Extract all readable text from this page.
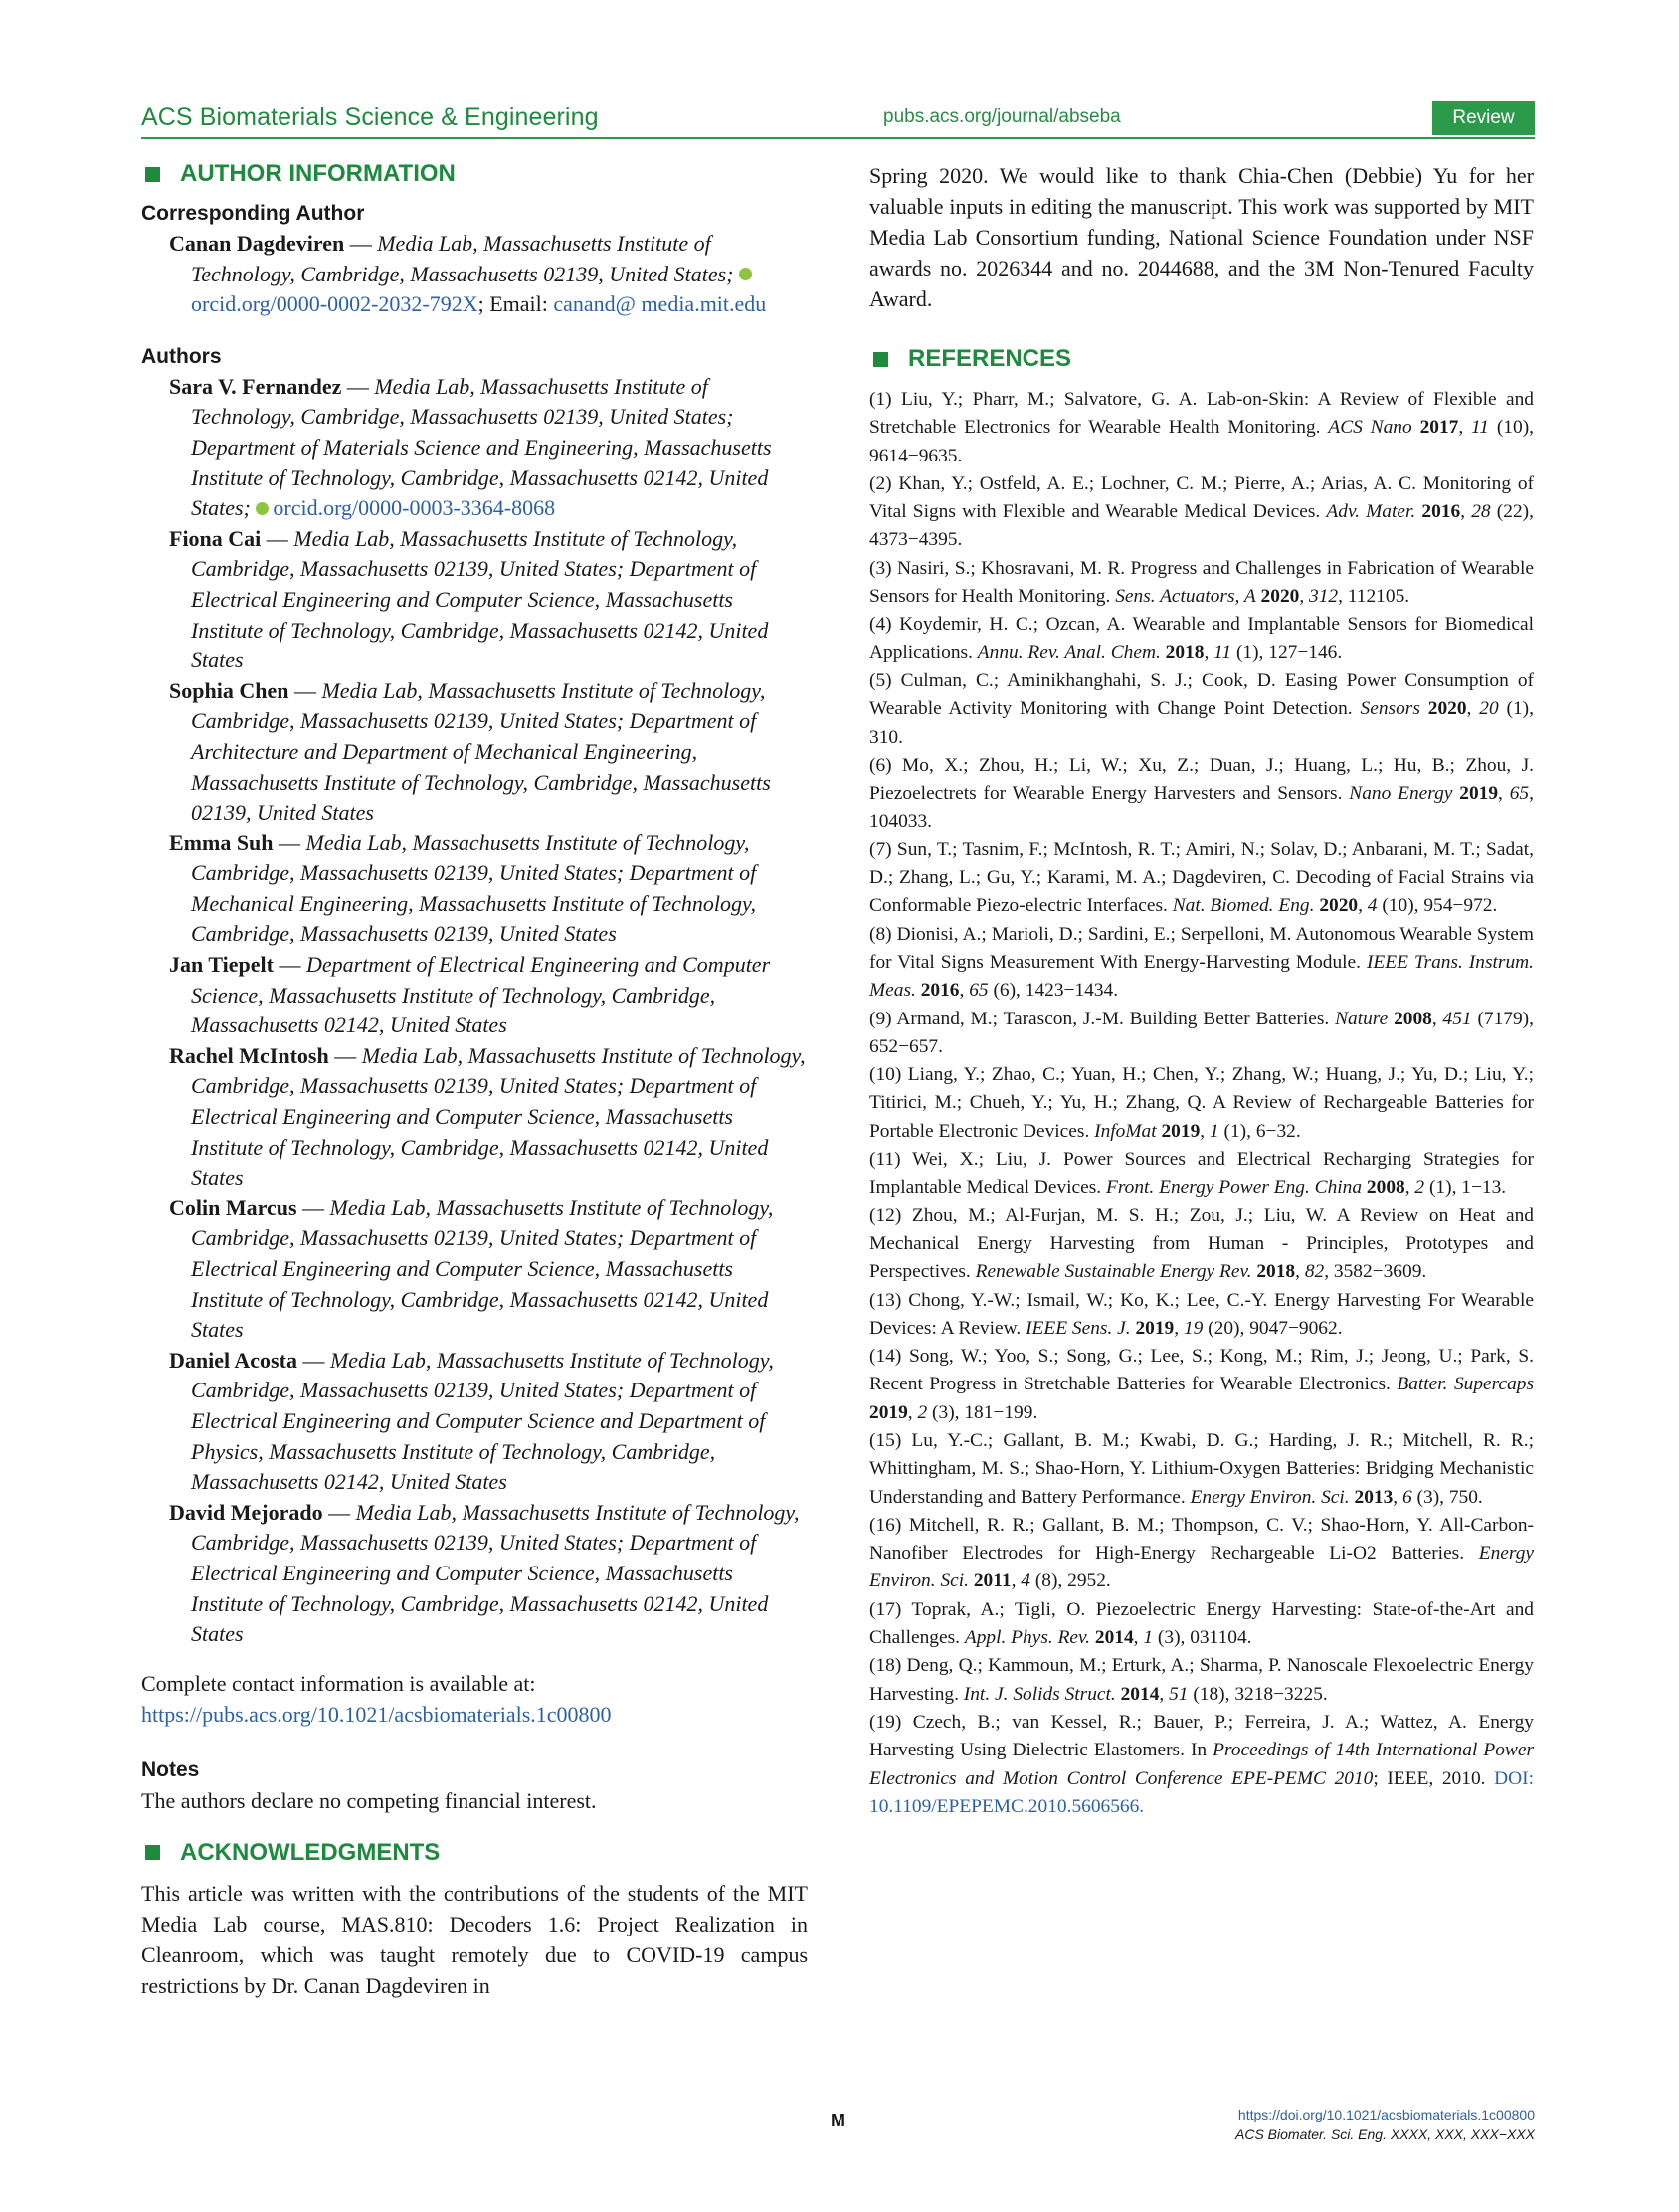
ACS Biomaterials Science & Engineering	pubs.acs.org/journal/abseba	Review
AUTHOR INFORMATION
Corresponding Author

Canan Dagdeviren — Media Lab, Massachusetts Institute of Technology, Cambridge, Massachusetts 02139, United States; orcid.org/0000-0002-2032-792X; Email: canand@ media.mit.edu

Authors

Sara V. Fernandez — Media Lab, Massachusetts Institute of Technology, Cambridge, Massachusetts 02139, United States; Department of Materials Science and Engineering, Massachusetts Institute of Technology, Cambridge, Massachusetts 02142, United States; orcid.org/0000-0003-3364-8068

Fiona Cai — Media Lab, Massachusetts Institute of Technology, Cambridge, Massachusetts 02139, United States; Department of Electrical Engineering and Computer Science, Massachusetts Institute of Technology, Cambridge, Massachusetts 02142, United States

Sophia Chen — Media Lab, Massachusetts Institute of Technology, Cambridge, Massachusetts 02139, United States; Department of Architecture and Department of Mechanical Engineering, Massachusetts Institute of Technology, Cambridge, Massachusetts 02139, United States

Emma Suh — Media Lab, Massachusetts Institute of Technology, Cambridge, Massachusetts 02139, United States; Department of Mechanical Engineering, Massachusetts Institute of Technology, Cambridge, Massachusetts 02139, United States

Jan Tiepelt — Department of Electrical Engineering and Computer Science, Massachusetts Institute of Technology, Cambridge, Massachusetts 02142, United States

Rachel McIntosh — Media Lab, Massachusetts Institute of Technology, Cambridge, Massachusetts 02139, United States; Department of Electrical Engineering and Computer Science, Massachusetts Institute of Technology, Cambridge, Massachusetts 02142, United States

Colin Marcus — Media Lab, Massachusetts Institute of Technology, Cambridge, Massachusetts 02139, United States; Department of Electrical Engineering and Computer Science, Massachusetts Institute of Technology, Cambridge, Massachusetts 02142, United States

Daniel Acosta — Media Lab, Massachusetts Institute of Technology, Cambridge, Massachusetts 02139, United States; Department of Electrical Engineering and Computer Science and Department of Physics, Massachusetts Institute of Technology, Cambridge, Massachusetts 02142, United States

David Mejorado — Media Lab, Massachusetts Institute of Technology, Cambridge, Massachusetts 02139, United States; Department of Electrical Engineering and Computer Science, Massachusetts Institute of Technology, Cambridge, Massachusetts 02142, United States

Complete contact information is available at:

https://pubs.acs.org/10.1021/acsbiomaterials.1c00800

Notes

The authors declare no competing financial interest.

ACKNOWLEDGMENTS

This article was written with the contributions of the students of the MIT Media Lab course, MAS.810: Decoders 1.6: Project Realization in Cleanroom, which was taught remotely due to COVID-19 campus restrictions by Dr. Canan Dagdeviren in

Spring 2020. We would like to thank Chia-Chen (Debbie) Yu for her valuable inputs in editing the manuscript. This work was supported by MIT Media Lab Consortium funding, National Science Foundation under NSF awards no. 2026344 and no. 2044688, and the 3M Non-Tenured Faculty Award.

REFERENCES

(1) Liu, Y.; Pharr, M.; Salvatore, G. A. Lab-on-Skin: A Review of Flexible and Stretchable Electronics for Wearable Health Monitoring. ACS Nano 2017, 11 (10), 9614−9635.

(2) Khan, Y.; Ostfeld, A. E.; Lochner, C. M.; Pierre, A.; Arias, A. C. Monitoring of Vital Signs with Flexible and Wearable Medical Devices. Adv. Mater. 2016, 28 (22), 4373−4395.

(3) Nasiri, S.; Khosravani, M. R. Progress and Challenges in Fabrication of Wearable Sensors for Health Monitoring. Sens. Actuators, A 2020, 312, 112105.

(4) Koydemir, H. C.; Ozcan, A. Wearable and Implantable Sensors for Biomedical Applications. Annu. Rev. Anal. Chem. 2018, 11 (1), 127−146.

(5) Culman, C.; Aminikhanghahi, S. J.; Cook, D. Easing Power Consumption of Wearable Activity Monitoring with Change Point Detection. Sensors 2020, 20 (1), 310.

(6) Mo, X.; Zhou, H.; Li, W.; Xu, Z.; Duan, J.; Huang, L.; Hu, B.; Zhou, J. Piezoelectrets for Wearable Energy Harvesters and Sensors. Nano Energy 2019, 65, 104033.

(7) Sun, T.; Tasnim, F.; McIntosh, R. T.; Amiri, N.; Solav, D.; Anbarani, M. T.; Sadat, D.; Zhang, L.; Gu, Y.; Karami, M. A.; Dagdeviren, C. Decoding of Facial Strains via Conformable Piezo-electric Interfaces. Nat. Biomed. Eng. 2020, 4 (10), 954−972.

(8) Dionisi, A.; Marioli, D.; Sardini, E.; Serpelloni, M. Autonomous Wearable System for Vital Signs Measurement With Energy-Harvesting Module. IEEE Trans. Instrum. Meas. 2016, 65 (6), 1423−1434.

(9) Armand, M.; Tarascon, J.-M. Building Better Batteries. Nature 2008, 451 (7179), 652−657.

(10) Liang, Y.; Zhao, C.; Yuan, H.; Chen, Y.; Zhang, W.; Huang, J.; Yu, D.; Liu, Y.; Titirici, M.; Chueh, Y.; Yu, H.; Zhang, Q. A Review of Rechargeable Batteries for Portable Electronic Devices. InfoMat 2019, 1 (1), 6−32.

(11) Wei, X.; Liu, J. Power Sources and Electrical Recharging Strategies for Implantable Medical Devices. Front. Energy Power Eng. China 2008, 2 (1), 1−13.

(12) Zhou, M.; Al-Furjan, M. S. H.; Zou, J.; Liu, W. A Review on Heat and Mechanical Energy Harvesting from Human - Principles, Prototypes and Perspectives. Renewable Sustainable Energy Rev. 2018, 82, 3582−3609.

(13) Chong, Y.-W.; Ismail, W.; Ko, K.; Lee, C.-Y. Energy Harvesting For Wearable Devices: A Review. IEEE Sens. J. 2019, 19 (20), 9047−9062.

(14) Song, W.; Yoo, S.; Song, G.; Lee, S.; Kong, M.; Rim, J.; Jeong, U.; Park, S. Recent Progress in Stretchable Batteries for Wearable Electronics. Batter. Supercaps 2019, 2 (3), 181−199.

(15) Lu, Y.-C.; Gallant, B. M.; Kwabi, D. G.; Harding, J. R.; Mitchell, R. R.; Whittingham, M. S.; Shao-Horn, Y. Lithium-Oxygen Batteries: Bridging Mechanistic Understanding and Battery Performance. Energy Environ. Sci. 2013, 6 (3), 750.

(16) Mitchell, R. R.; Gallant, B. M.; Thompson, C. V.; Shao-Horn, Y. All-Carbon-Nanofiber Electrodes for High-Energy Rechargeable Li-O2 Batteries. Energy Environ. Sci. 2011, 4 (8), 2952.

(17) Toprak, A.; Tigli, O. Piezoelectric Energy Harvesting: State-of-the-Art and Challenges. Appl. Phys. Rev. 2014, 1 (3), 031104.

(18) Deng, Q.; Kammoun, M.; Erturk, A.; Sharma, P. Nanoscale Flexoelectric Energy Harvesting. Int. J. Solids Struct. 2014, 51 (18), 3218−3225.

(19) Czech, B.; van Kessel, R.; Bauer, P.; Ferreira, J. A.; Wattez, A. Energy Harvesting Using Dielectric Elastomers. In Proceedings of 14th International Power Electronics and Motion Control Conference EPE-PEMC 2010; IEEE, 2010. DOI: 10.1109/EPEPEMC.2010.5606566.

M	https://doi.org/10.1021/acsbiomaterials.1c00800
ACS Biomater. Sci. Eng. XXXX, XXX, XXX−XXX
